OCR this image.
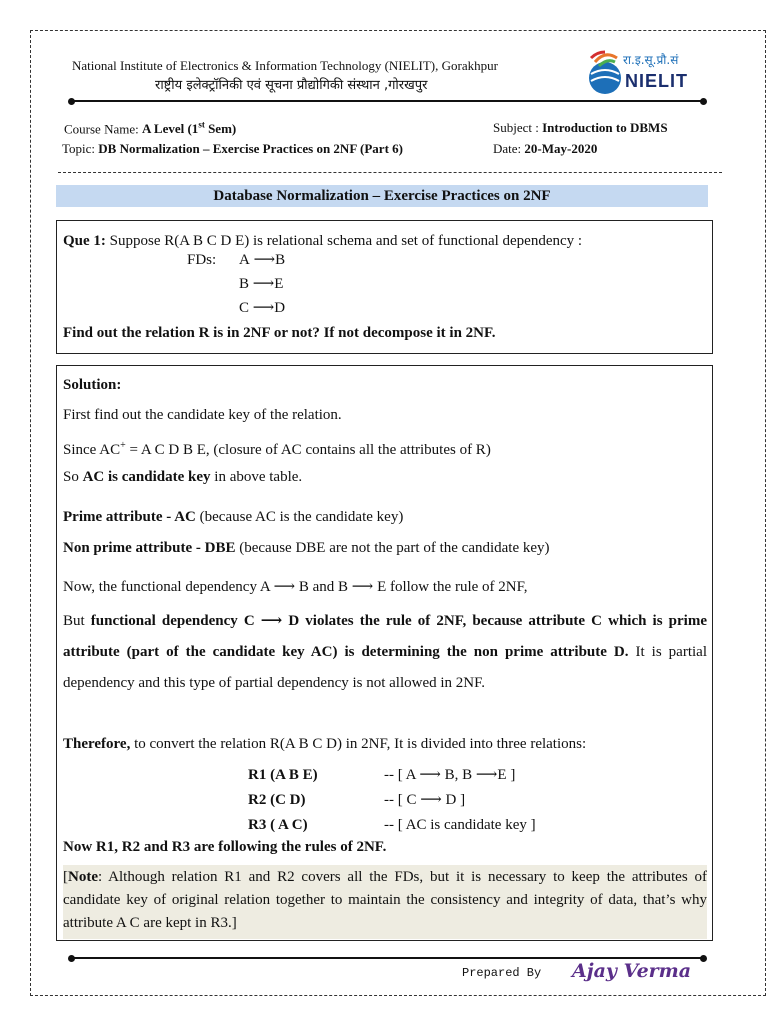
National Institute of Electronics & Information Technology (NIELIT), Gorakhpur
राष्ट्रीय इलेक्ट्रॉनिकी एवं सूचना प्रौद्योगिकी संस्थान ,गोरखपुर
रा.इ.सू.प्रौ.सं
NIELIT
Course Name: A Level (1st Sem)	Subject : Introduction to DBMS
Topic: DB Normalization – Exercise Practices on 2NF (Part 6)	Date: 20-May-2020
Database Normalization – Exercise Practices on 2NF
Que 1: Suppose R(A B C D E) is relational schema and set of functional dependency :
FDs: A ⟶B
B ⟶E
C ⟶D
Find out the relation R is in 2NF or not? If not decompose it in 2NF.
Solution:
First find out the candidate key of the relation.
Since AC+ = A C D B E, (closure of AC contains all the attributes of R)
So AC is candidate key in above table.
Prime attribute - AC (because AC is the candidate key)
Non prime attribute - DBE (because DBE are not the part of the candidate key)
Now, the functional dependency A ⟶ B and B ⟶ E follow the rule of 2NF,
But functional dependency C ⟶ D violates the rule of 2NF, because attribute C which is prime attribute (part of the candidate key AC) is determining the non prime attribute D. It is partial dependency and this type of partial dependency is not allowed in 2NF.
Therefore, to convert the relation R(A B C D) in 2NF, It is divided into three relations:
R1 (A B E)	-- [ A ⟶ B, B ⟶E ]
R2 (C D)	-- [ C ⟶ D ]
R3 ( A C)	-- [ AC is candidate key ]
Now R1, R2 and R3 are following the rules of 2NF.
[Note: Although relation R1 and R2 covers all the FDs, but it is necessary to keep the attributes of candidate key of original relation together to maintain the consistency and integrity of data, that’s why attribute A C are kept in R3.]
Prepared By Ajay Verma
